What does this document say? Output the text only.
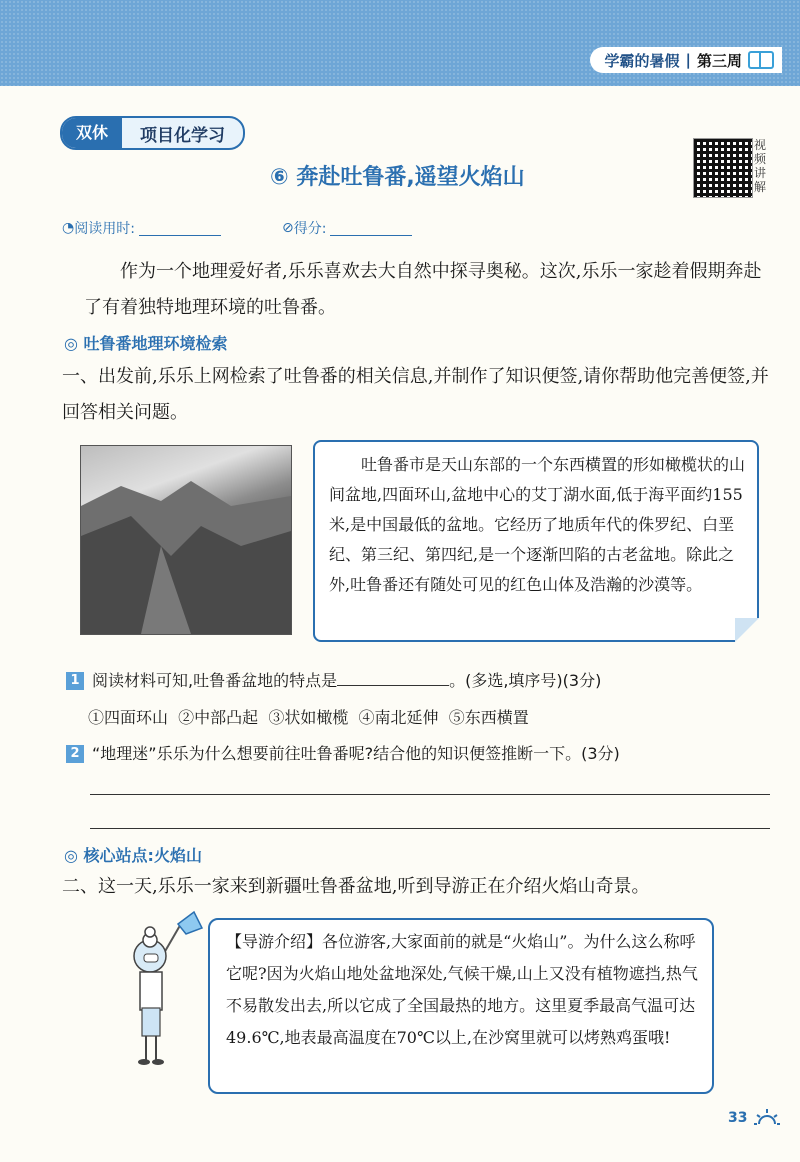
学霸的暑假 | 第三周
双休	项目化学习
⑥ 奔赴吐鲁番,遥望火焰山
视频讲解
◔ 阅读用时:	⊘ 得分:
作为一个地理爱好者,乐乐喜欢去大自然中探寻奥秘。这次,乐乐一家趁着假期奔赴了有着独特地理环境的吐鲁番。
◎ 吐鲁番地理环境检索
一、出发前,乐乐上网检索了吐鲁番的相关信息,并制作了知识便签,请你帮助他完善便签,并回答相关问题。
吐鲁番市是天山东部的一个东西横置的形如橄榄状的山间盆地,四面环山,盆地中心的艾丁湖水面,低于海平面约155米,是中国最低的盆地。它经历了地质年代的侏罗纪、白垩纪、第三纪、第四纪,是一个逐渐凹陷的古老盆地。除此之外,吐鲁番还有随处可见的红色山体及浩瀚的沙漠等。
1 阅读材料可知,吐鲁番盆地的特点是	。(多选,填序号)(3分)
①四面环山  ②中部凸起  ③状如橄榄  ④南北延伸  ⑤东西横置
2 “地理迷”乐乐为什么想要前往吐鲁番呢?结合他的知识便签推断一下。(3分)
◎ 核心站点:火焰山
二、这一天,乐乐一家来到新疆吐鲁番盆地,听到导游正在介绍火焰山奇景。
【导游介绍】各位游客,大家面前的就是“火焰山”。为什么这么称呼它呢?因为火焰山地处盆地深处,气候干燥,山上又没有植物遮挡,热气不易散发出去,所以它成了全国最热的地方。这里夏季最高气温可达49.6℃,地表最高温度在70℃以上,在沙窝里就可以烤熟鸡蛋哦!
33
